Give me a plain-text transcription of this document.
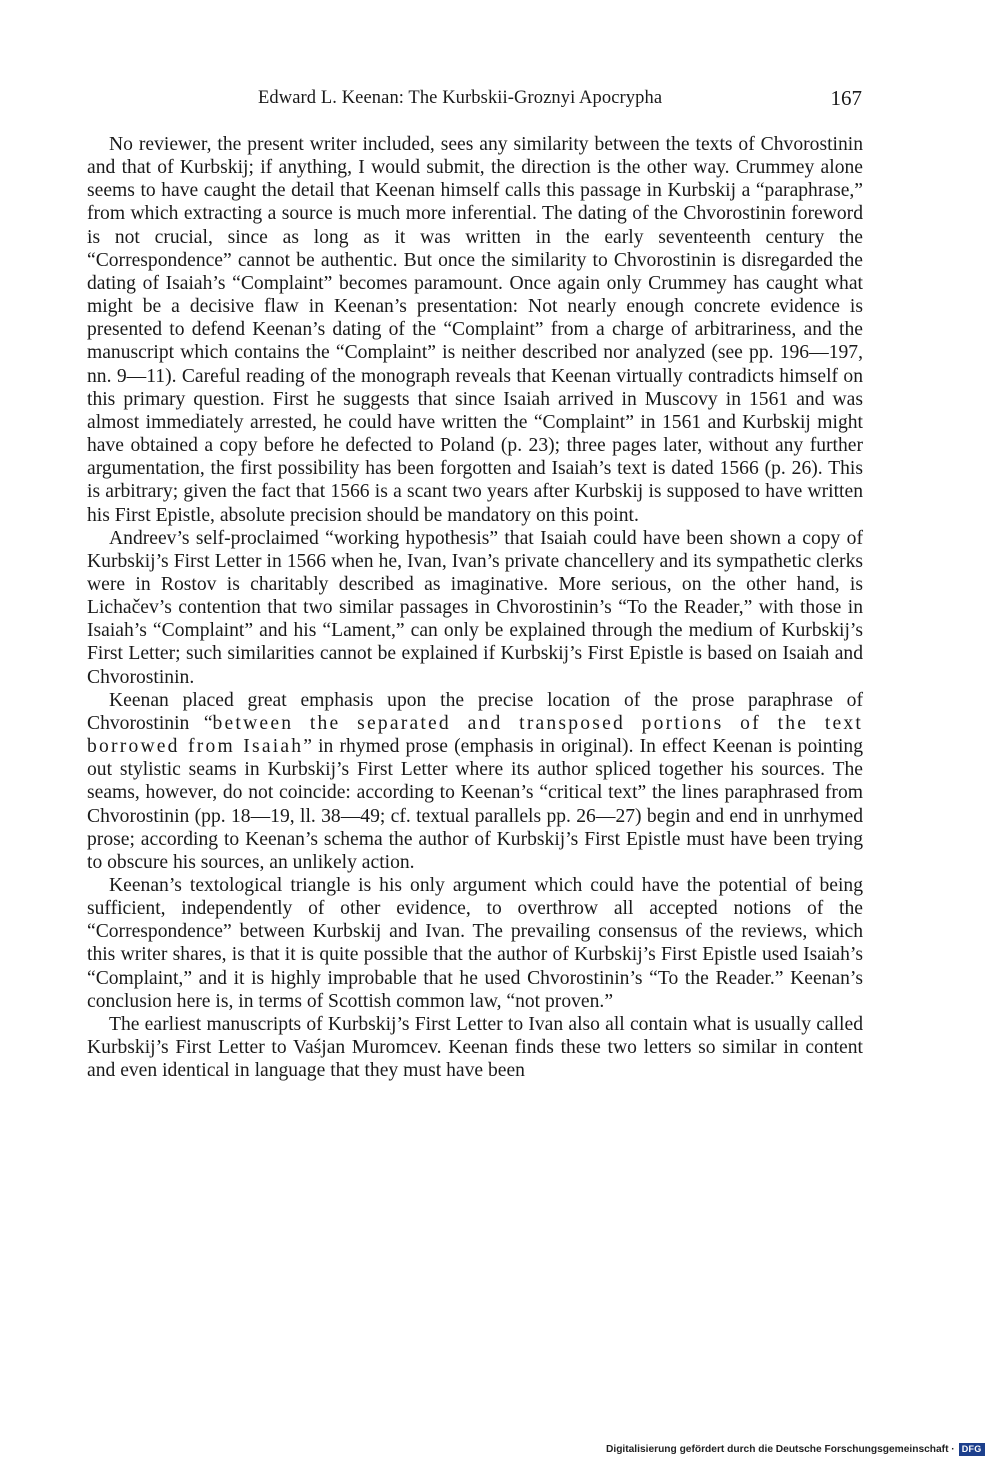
Edward L. Keenan: The Kurbskii-Groznyi Apocrypha	167

No reviewer, the present writer included, sees any similarity between the texts of Chvorostinin and that of Kurbskij; if anything, I would submit, the direction is the other way. Crummey alone seems to have caught the detail that Keenan himself calls this passage in Kurbskij a “paraphrase,” from which extracting a source is much more inferential. The dating of the Chvorostinin foreword is not crucial, since as long as it was written in the early seventeenth century the “Correspondence” cannot be authentic. But once the similarity to Chvorostinin is disregarded the dating of Isaiah’s “Complaint” becomes paramount. Once again only Crummey has caught what might be a decisive flaw in Keenan’s presentation: Not nearly enough concrete evidence is presented to defend Keenan’s dating of the “Complaint” from a charge of arbitrariness, and the manuscript which contains the “Complaint” is neither described nor analyzed (see pp. 196—197, nn. 9—11). Careful reading of the monograph reveals that Keenan virtually contradicts himself on this primary question. First he suggests that since Isaiah arrived in Muscovy in 1561 and was almost immediately arrested, he could have written the “Complaint” in 1561 and Kurbskij might have obtained a copy before he defected to Poland (p. 23); three pages later, without any further argumentation, the first possibility has been forgotten and Isaiah’s text is dated 1566 (p. 26). This is arbitrary; given the fact that 1566 is a scant two years after Kurbskij is supposed to have written his First Epistle, absolute precision should be mandatory on this point.

Andreev’s self-proclaimed “working hypothesis” that Isaiah could have been shown a copy of Kurbskij’s First Letter in 1566 when he, Ivan, Ivan’s private chancellery and its sympathetic clerks were in Rostov is charitably described as imaginative. More serious, on the other hand, is Lichačev’s contention that two similar passages in Chvorostinin’s “To the Reader,” with those in Isaiah’s “Complaint” and his “Lament,” can only be explained through the medium of Kurbskij’s First Letter; such similarities cannot be explained if Kurbskij’s First Epistle is based on Isaiah and Chvorostinin.

Keenan placed great emphasis upon the precise location of the prose paraphrase of Chvorostinin “between the separated and transposed portions of the text borrowed from Isaiah” in rhymed prose (emphasis in original). In effect Keenan is pointing out stylistic seams in Kurbskij’s First Letter where its author spliced together his sources. The seams, however, do not coincide: according to Keenan’s “critical text” the lines paraphrased from Chvorostinin (pp. 18—19, ll. 38—49; cf. textual parallels pp. 26—27) begin and end in unrhymed prose; according to Keenan’s schema the author of Kurbskij’s First Epistle must have been trying to obscure his sources, an unlikely action.

Keenan’s textological triangle is his only argument which could have the potential of being sufficient, independently of other evidence, to overthrow all accepted notions of the “Correspondence” between Kurbskij and Ivan. The prevailing consensus of the reviews, which this writer shares, is that it is quite possible that the author of Kurbskij’s First Epistle used Isaiah’s “Complaint,” and it is highly improbable that he used Chvorostinin’s “To the Reader.” Keenan’s conclusion here is, in terms of Scottish common law, “not proven.”

The earliest manuscripts of Kurbskij’s First Letter to Ivan also all contain what is usually called Kurbskij’s First Letter to Vaśjan Muromcev. Keenan finds these two letters so similar in content and even identical in language that they must have been

Digitalisierung gefördert durch die Deutsche Forschungsgemeinschaft · DFG
